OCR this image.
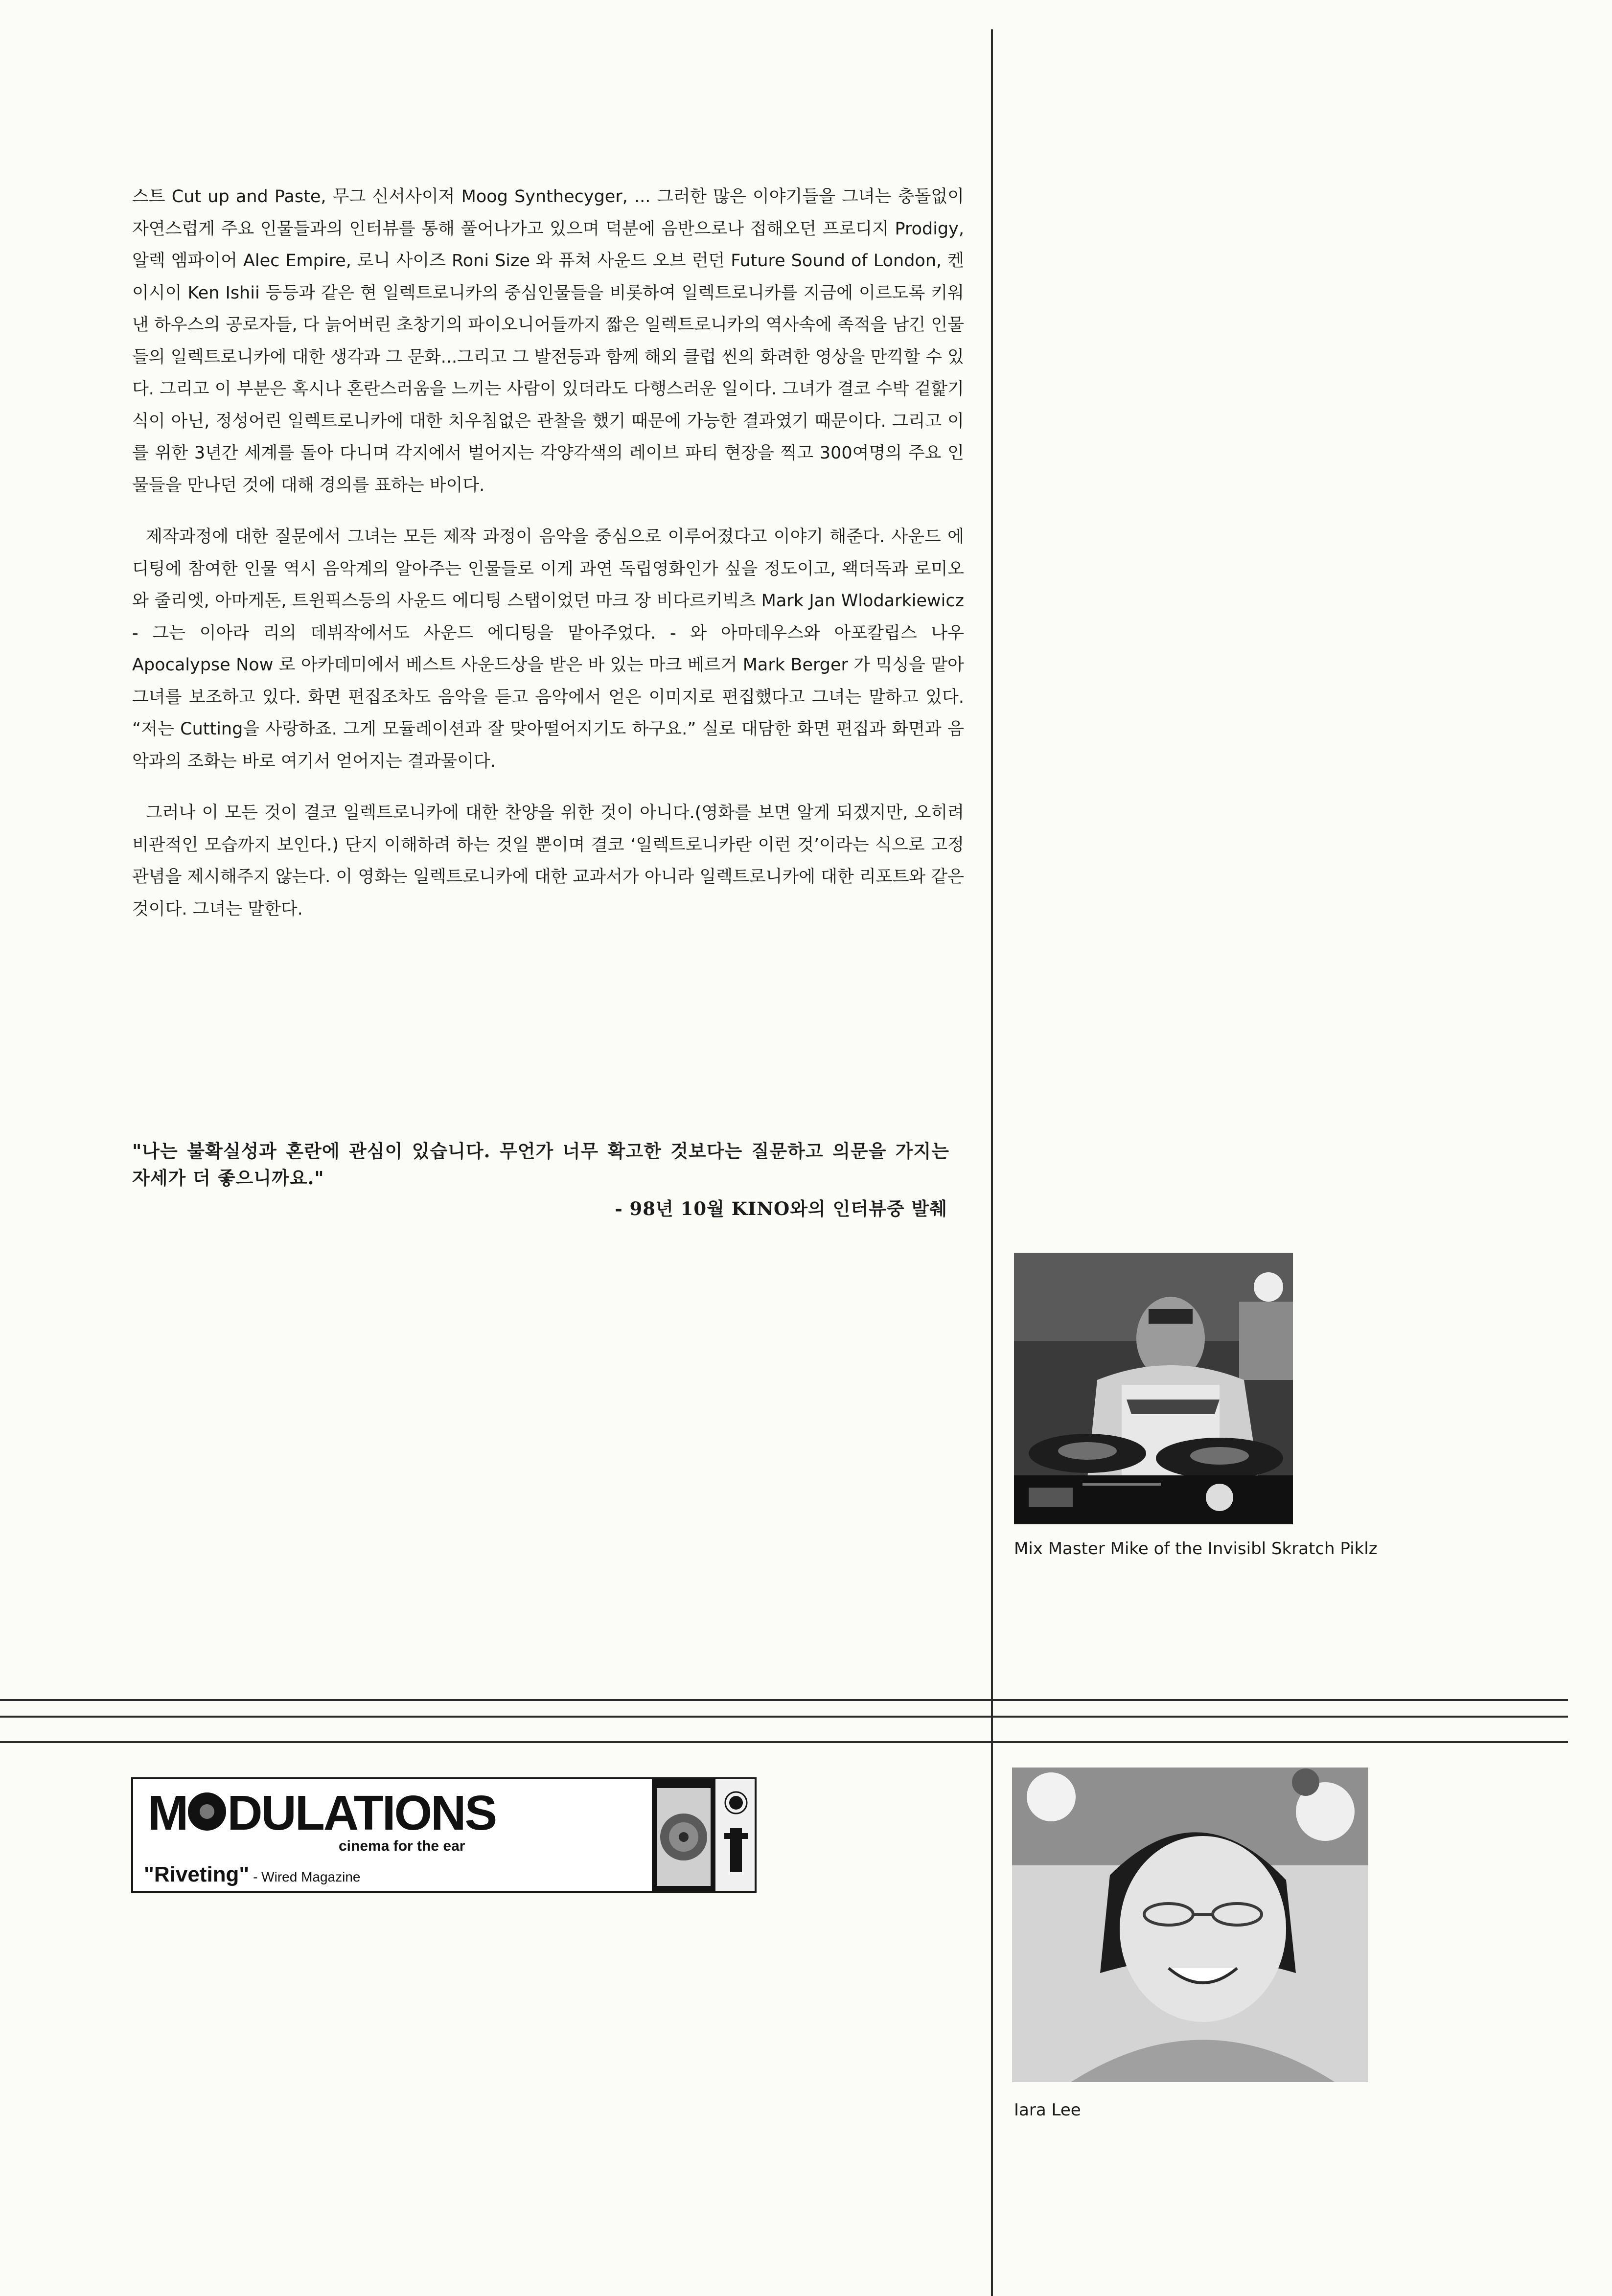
스트 Cut up and Paste, 무그 신서사이저 Moog Synthecyger, ... 그러한 많은 이야기들을 그녀는 충돌없이 자연스럽게 주요 인물들과의 인터뷰를 통해 풀어나가고 있으며 덕분에 음반으로나 접해오던 프로디지 Prodigy, 알렉 엠파이어 Alec Empire, 로니 사이즈 Roni Size 와 퓨쳐 사운드 오브 런던 Future Sound of London, 켄 이시이 Ken Ishii 등등과 같은 현 일렉트로니카의 중심인물들을 비롯하여 일렉트로니카를 지금에 이르도록 키워낸 하우스의 공로자들, 다 늙어버린 초창기의 파이오니어들까지 짧은 일렉트로니카의 역사속에 족적을 남긴 인물들의 일렉트로니카에 대한 생각과 그 문화...그리고 그 발전등과 함께 해외 클럽 씬의 화려한 영상을 만끽할 수 있다. 그리고 이 부분은 혹시나 혼란스러움을 느끼는 사람이 있더라도 다행스러운 일이다. 그녀가 결코 수박 겉핥기식이 아닌, 정성어린 일렉트로니카에 대한 치우침없은 관찰을 했기 때문에 가능한 결과였기 때문이다. 그리고 이를 위한 3년간 세계를 돌아 다니며 각지에서 벌어지는 각양각색의 레이브 파티 현장을 찍고 300여명의 주요 인물들을 만나던 것에 대해 경의를 표하는 바이다.

제작과정에 대한 질문에서 그녀는 모든 제작 과정이 음악을 중심으로 이루어졌다고 이야기 해준다. 사운드 에디팅에 참여한 인물 역시 음악계의 알아주는 인물들로 이게 과연 독립영화인가 싶을 정도이고, 왝더독과 로미오와 줄리엣, 아마게돈, 트윈픽스등의 사운드 에디팅 스탭이었던 마크 장 비다르키빅츠 Mark Jan Wlodarkiewicz - 그는 이아라 리의 데뷔작에서도 사운드 에디팅을 맡아주었다. - 와 아마데우스와 아포칼립스 나우 Apocalypse Now 로 아카데미에서 베스트 사운드상을 받은 바 있는 마크 베르거 Mark Berger 가 믹싱을 맡아 그녀를 보조하고 있다. 화면 편집조차도 음악을 듣고 음악에서 얻은 이미지로 편집했다고 그녀는 말하고 있다. “저는 Cutting을 사랑하죠. 그게 모듈레이션과 잘 맞아떨어지기도 하구요.” 실로 대담한 화면 편집과 화면과 음악과의 조화는 바로 여기서 얻어지는 결과물이다.

그러나 이 모든 것이 결코 일렉트로니카에 대한 찬양을 위한 것이 아니다.(영화를 보면 알게 되겠지만, 오히려 비관적인 모습까지 보인다.) 단지 이해하려 하는 것일 뿐이며 결코 ‘일렉트로니카란 이런 것’이라는 식으로 고정관념을 제시해주지 않는다. 이 영화는 일렉트로니카에 대한 교과서가 아니라 일렉트로니카에 대한 리포트와 같은 것이다. 그녀는 말한다.

"나는 불확실성과 혼란에 관심이 있습니다. 무언가 너무 확고한 것보다는 질문하고 의문을 가지는 자세가 더 좋으니까요."
- 98년 10월 KINO와의 인터뷰중 발췌
Mix Master Mike of the Invisibl Skratch Piklz
M DULATIONS
cinema for the ear
"Riveting" - Wired Magazine
Iara Lee
